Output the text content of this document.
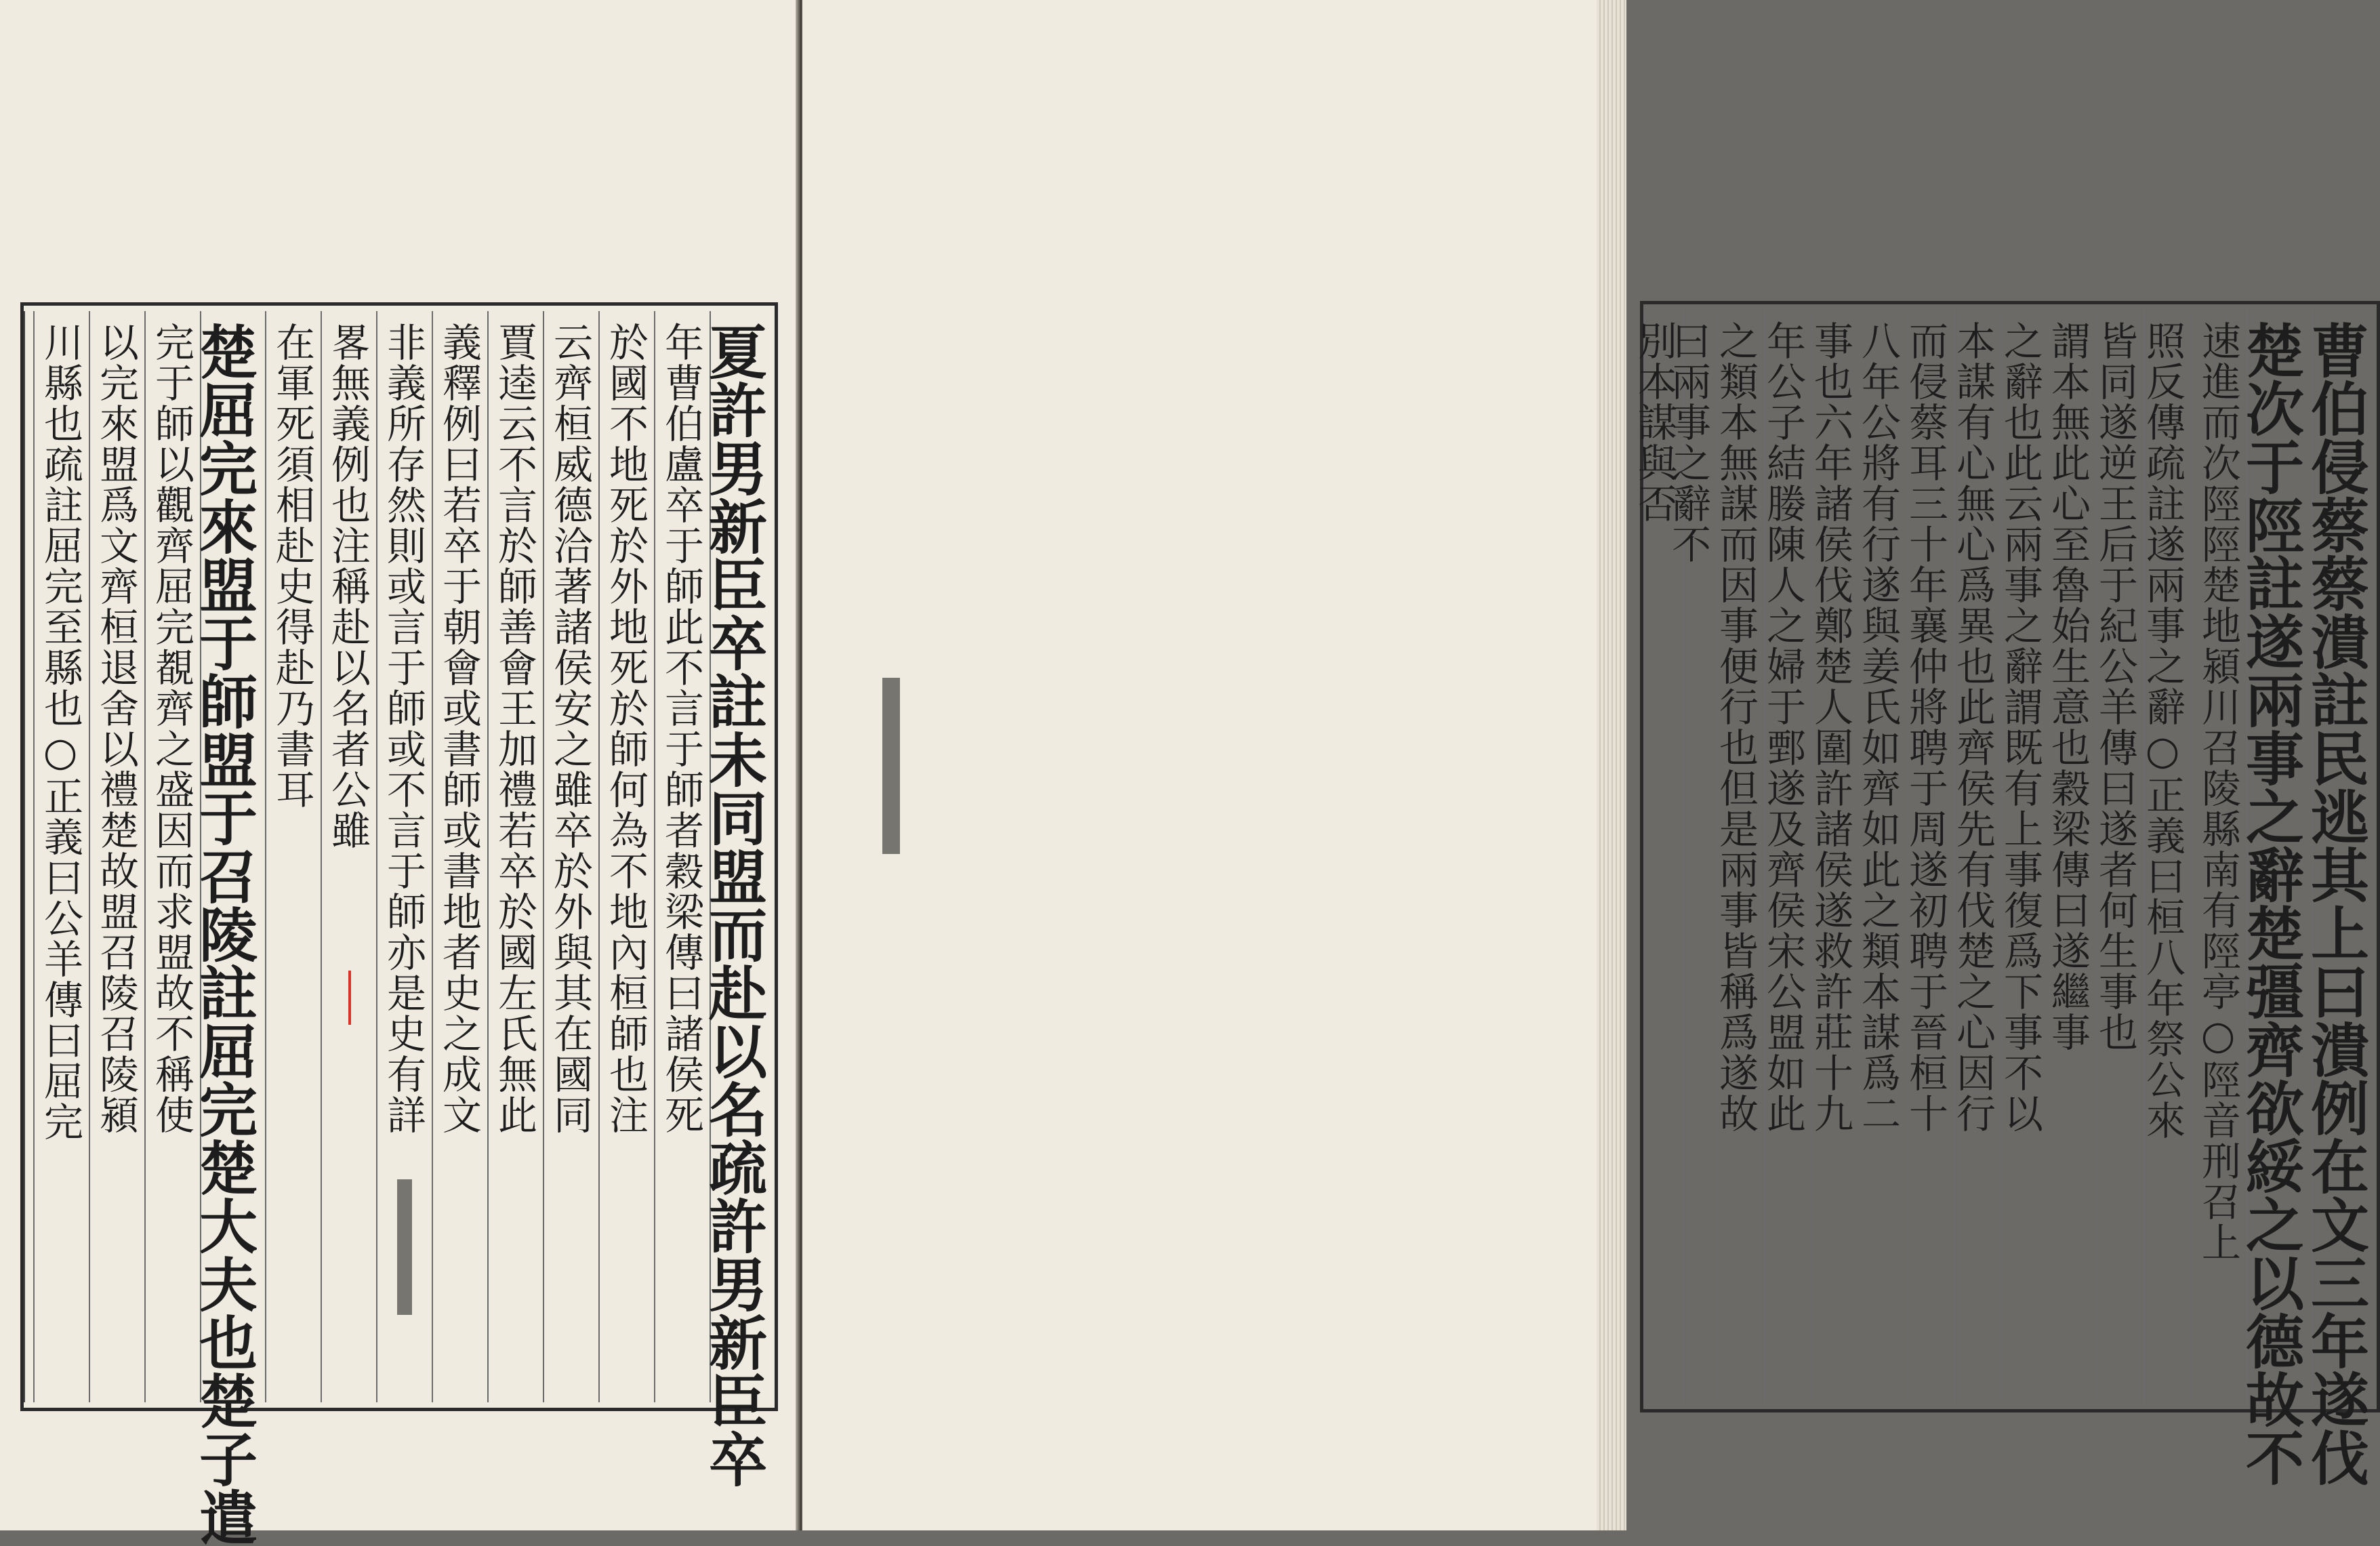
夏許男新臣卒註未同盟而赴以名疏許男新臣卒
年曹伯盧卒于師此不言于師者穀梁傳曰諸侯死
於國不地死於外地死於師何為不地內桓師也注
云齊桓威德洽著諸侯安之雖卒於外與其在國同
賈逵云不言於師善會王加禮若卒於國左氏無此
義釋例曰若卒于朝會或書師或書地者史之成文
非義所存然則或言于師或不言于師亦是史有詳
畧無義例也注稱赴以名者公雖
在軍死須相赴史得赴乃書耳
楚屈完來盟于師盟于召陵註屈完楚大夫也楚子遣
完于師以觀齊屈完覩齊之盛因而求盟故不稱使
以完來盟爲文齊桓退舍以禮楚故盟召陵召陵潁
川縣也疏註屈完至縣也○正義曰公羊傳曰屈完	曹伯侵蔡蔡潰註民逃其上曰潰例在文三年遂伐
楚次于陘註遂兩事之辭楚彊齊欲綏之以德故不
速進而次陘陘楚地潁川召陵縣南有陘亭○陘音刑召上
照反傳疏註遂兩事之辭○正義曰桓八年祭公來
皆同遂逆王后于紀公羊傳曰遂者何生事也
謂本無此心至魯始生意也穀梁傳曰遂繼事
之辭也此云兩事之辭謂既有上事復爲下事不以
本謀有心無心爲異也此齊侯先有伐楚之心因行
而侵蔡耳三十年襄仲將聘于周遂初聘于晉桓十
八年公將有行遂與姜氏如齊如此之類本謀爲二
事也六年諸侯伐鄭楚人圍許諸侯遂救許莊十九
年公子結媵陳人之婦于鄄遂及齊侯宋公盟如此
之類本無謀而因事便行也但是兩事皆稱爲遂故
曰兩事之辭不
別本謀與否
